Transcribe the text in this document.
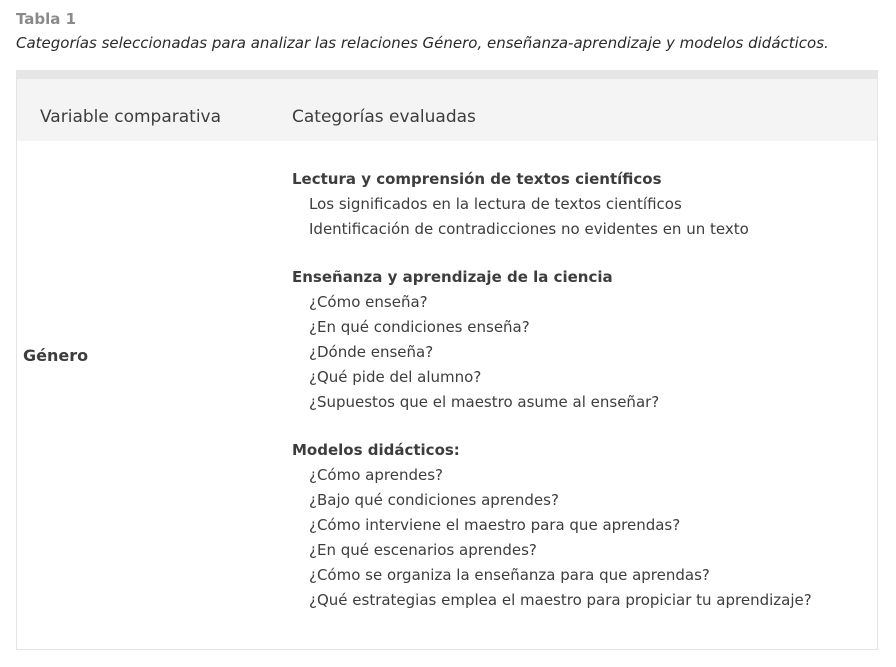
Tabla 1
Categorías seleccionadas para analizar las relaciones Género, enseñanza-aprendizaje y modelos didácticos.
Variable comparativa	Categorías evaluadas
Género
Lectura y comprensión de textos científicos
Los significados en la lectura de textos científicos
Identificación de contradicciones no evidentes en un texto
Enseñanza y aprendizaje de la ciencia
¿Cómo enseña?
¿En qué condiciones enseña?
¿Dónde enseña?
¿Qué pide del alumno?
¿Supuestos que el maestro asume al enseñar?
Modelos didácticos:
¿Cómo aprendes?
¿Bajo qué condiciones aprendes?
¿Cómo interviene el maestro para que aprendas?
¿En qué escenarios aprendes?
¿Cómo se organiza la enseñanza para que aprendas?
¿Qué estrategias emplea el maestro para propiciar tu aprendizaje?
